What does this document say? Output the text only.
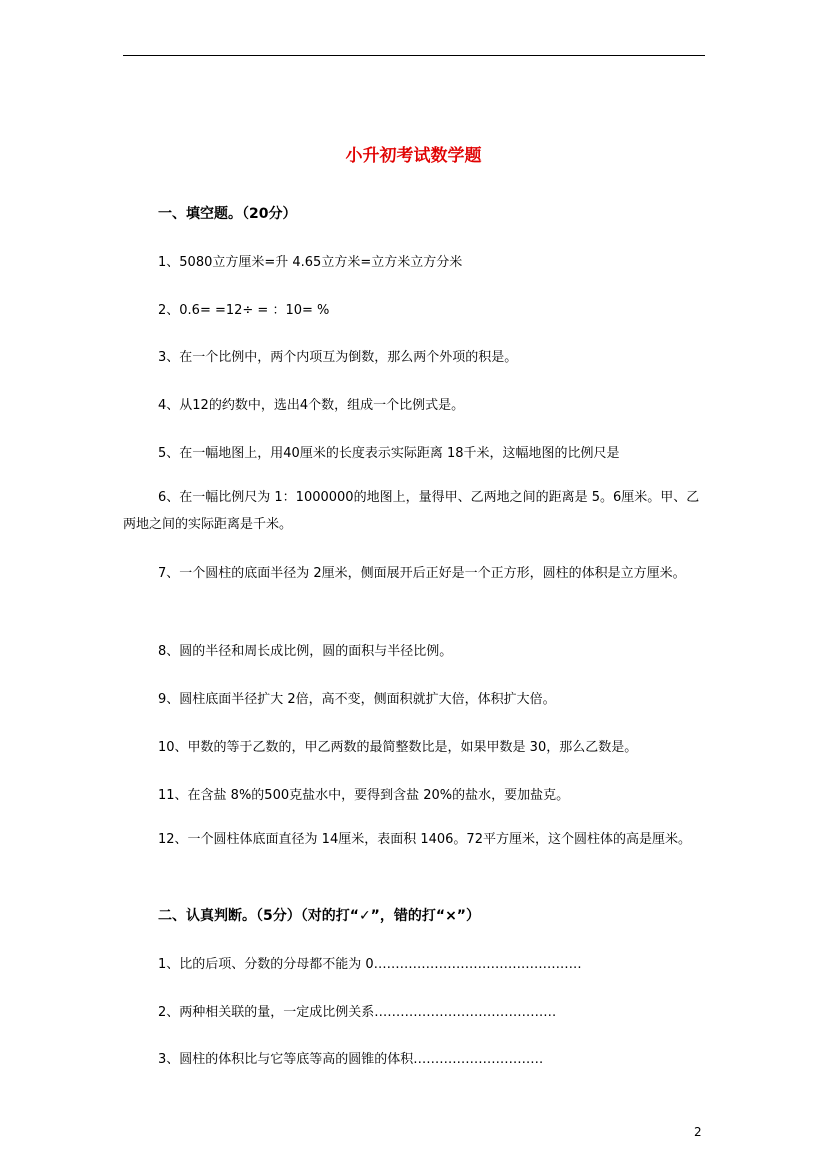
小升初考试数学题
一、填空题。（20分）
1、5080立方厘米=升 4.65立方米=立方米立方分米
2、0.6= =12÷ = ：10= %
3、在一个比例中，两个内项互为倒数，那么两个外项的积是。
4、从12的约数中，选出4个数，组成一个比例式是。
5、在一幅地图上，用40厘米的长度表示实际距离 18千米，这幅地图的比例尺是
6、在一幅比例尺为 1：1000000的地图上，量得甲、乙两地之间的距离是 5。6厘米。甲、乙两地之间的实际距离是千米。
7、一个圆柱的底面半径为 2厘米，侧面展开后正好是一个正方形，圆柱的体积是立方厘米。
8、圆的半径和周长成比例，圆的面积与半径比例。
9、圆柱底面半径扩大 2倍，高不变，侧面积就扩大倍，体积扩大倍。
10、甲数的等于乙数的，甲乙两数的最简整数比是，如果甲数是 30，那么乙数是。
11、在含盐 8%的500克盐水中，要得到含盐 20%的盐水，要加盐克。
12、一个圆柱体底面直径为 14厘米，表面积 1406。72平方厘米，这个圆柱体的高是厘米。
二、认真判断。（5分）（对的打“✓”，错的打“×”）
1、比的后项、分数的分母都不能为 0…………………………………………
2、两种相关联的量，一定成比例关系……………………………………
3、圆柱的体积比与它等底等高的圆锥的体积…………………………
2
